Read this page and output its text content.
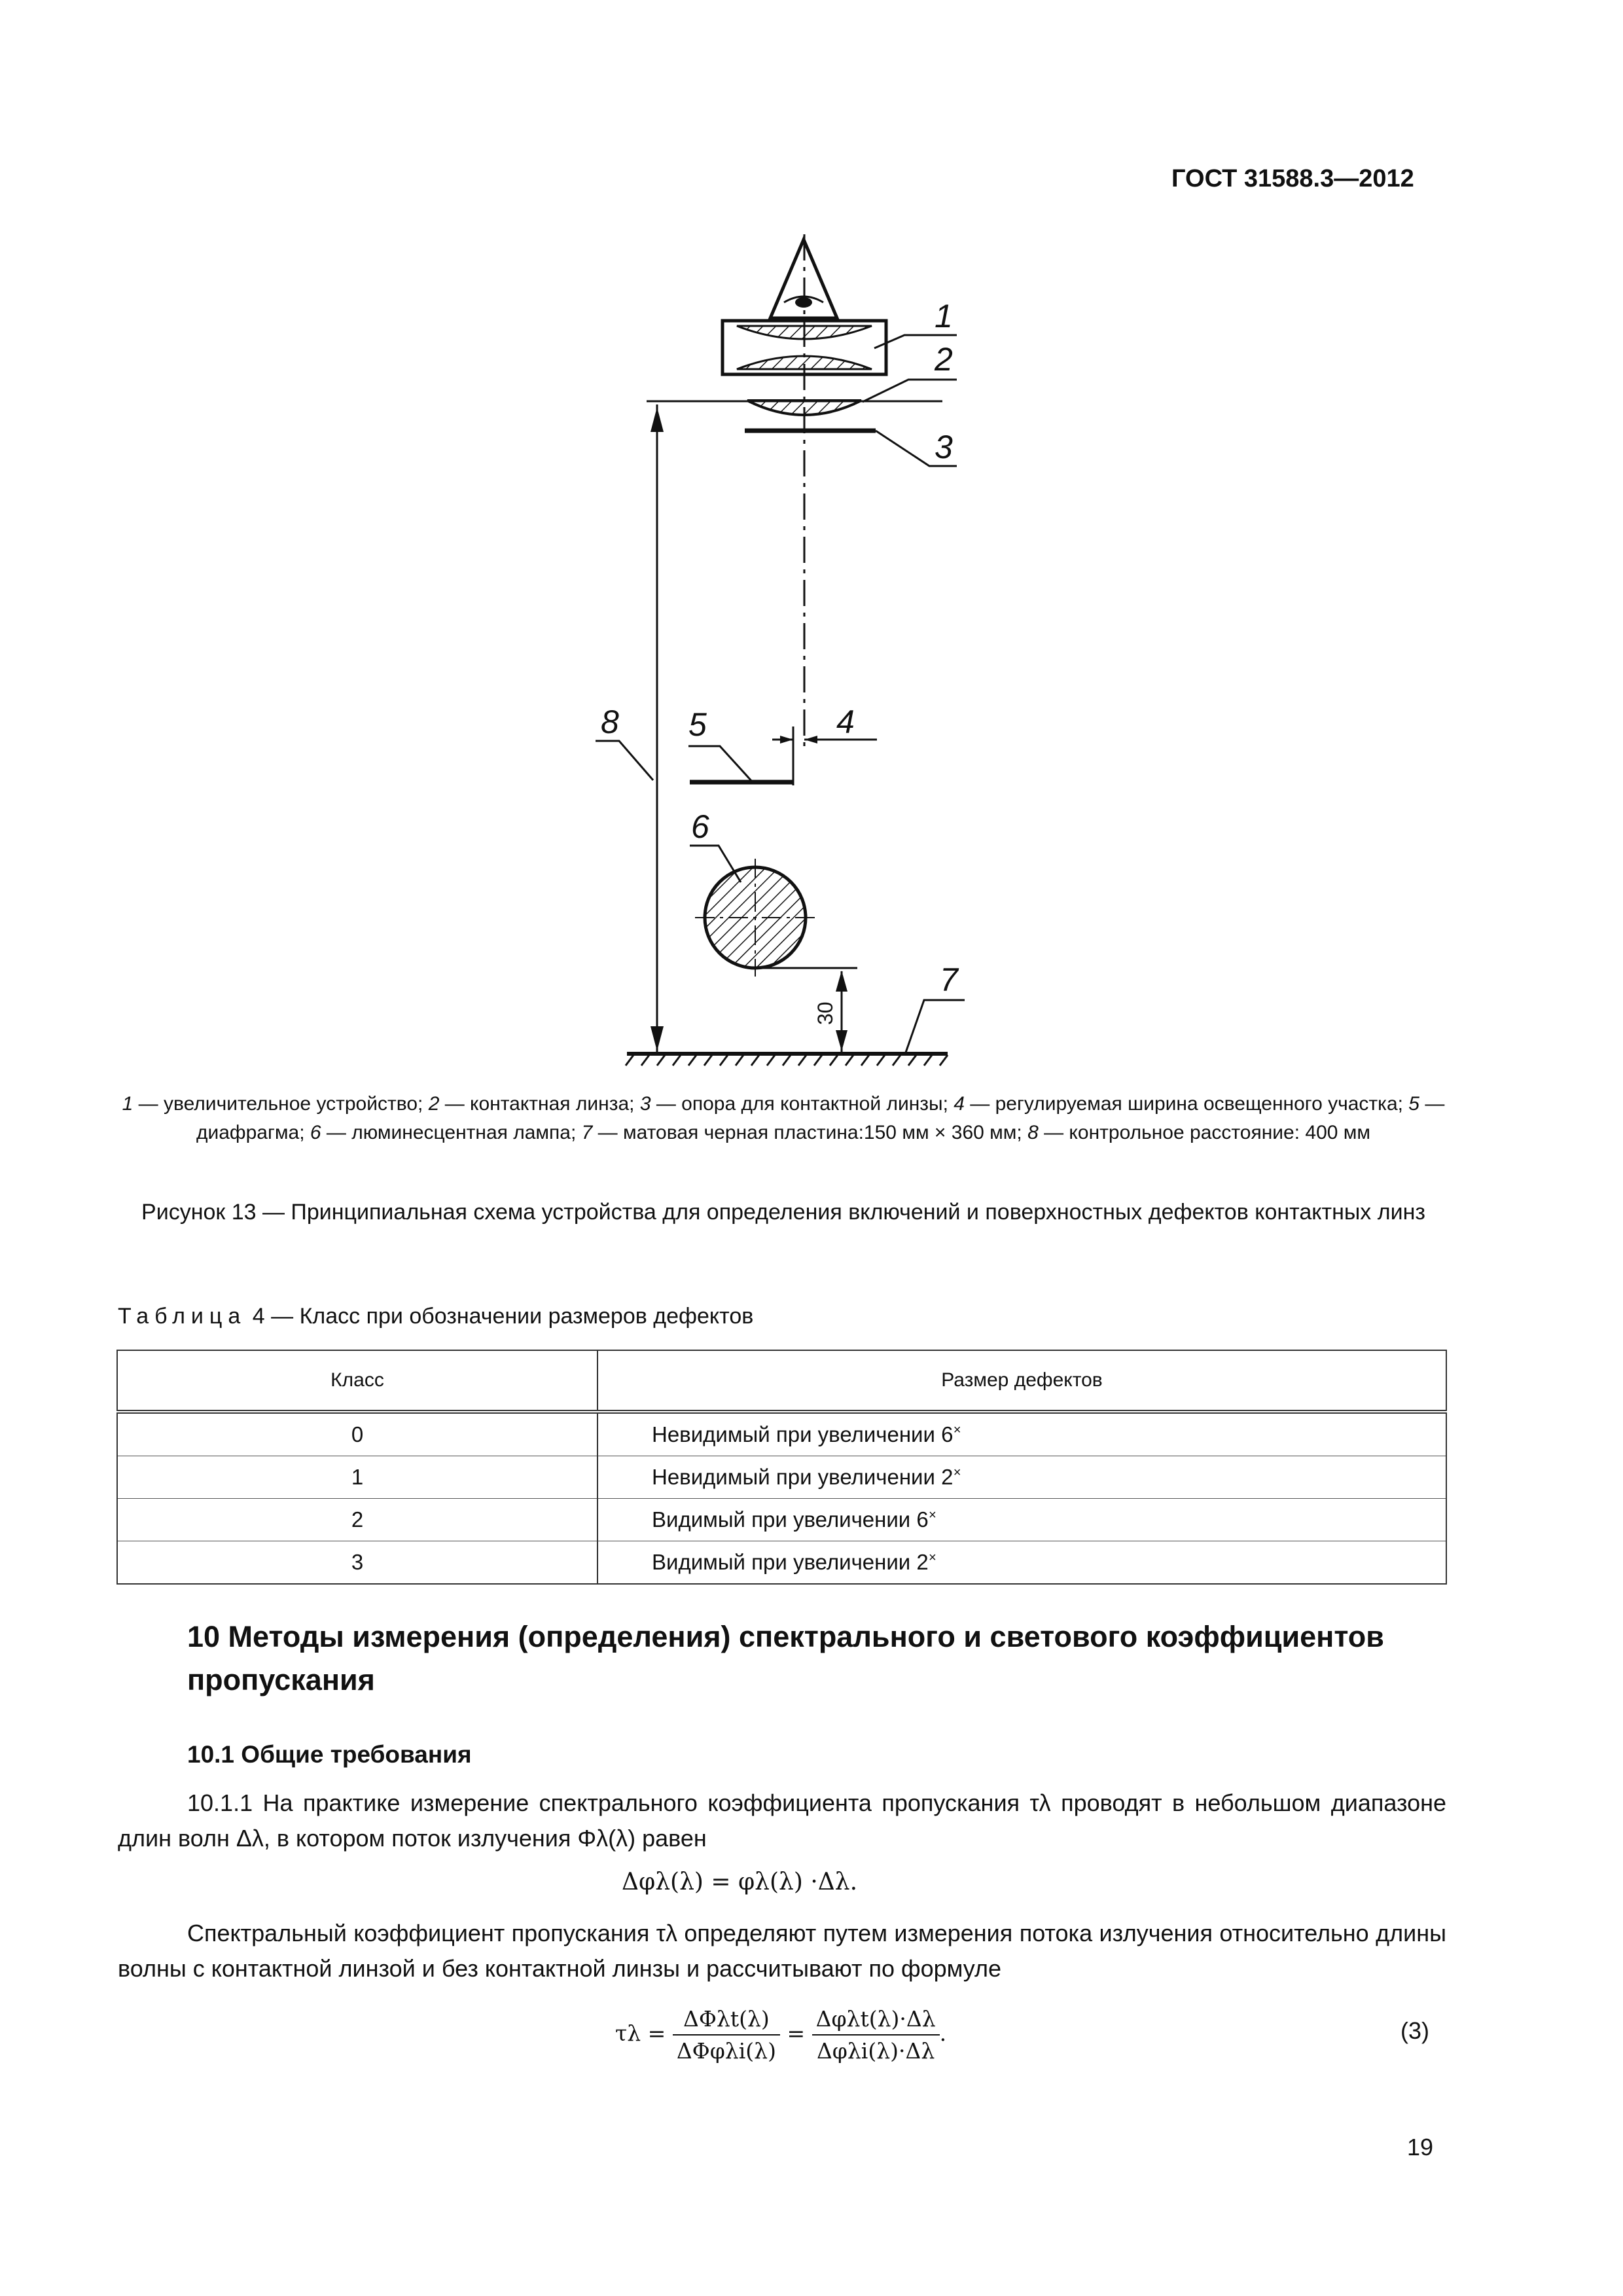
ГОСТ 31588.3—2012
1
2
3
4
5
6
7
8
30
1 — увеличительное устройство; 2 — контактная линза; 3 — опора для контактной линзы; 4 — регулируемая ширина освещенного участка; 5 — диафрагма; 6 — люминесцентная лампа; 7 — матовая черная пластина:150 мм × 360 мм; 8 — контрольное расстояние: 400 мм
Рисунок 13 — Принципиальная схема устройства для определения включений и поверхностных дефектов контактных линз
Таблица 4 — Класс при обозначении размеров дефектов
Класс	Размер дефектов
0	Невидимый при увеличении 6×
1	Невидимый при увеличении 2×
2	Видимый при увеличении 6×
3	Видимый при увеличении 2×
10 Методы измерения (определения) спектрального и светового коэффициентов пропускания
10.1 Общие требования
10.1.1 На практике измерение спектрального коэффициента пропускания τλ проводят в небольшом диапазоне длин волн Δλ, в котором поток излучения Φλ(λ) равен
Δφλ(λ) = φλ(λ) ·Δλ.
Спектральный коэффициент пропускания τλ определяют путем измерения потока излучения относительно длины волны с контактной линзой и без контактной линзы и рассчитывают по формуле
$\tau\lambda = \frac{\text{ΔΦλt(λ)}}{\text{ΔΦφλi(λ)}} = \frac{\text{Δφλt(λ)·Δλ}}{\text{Δφλi(λ)·Δλ}}$ .	(3)
19
